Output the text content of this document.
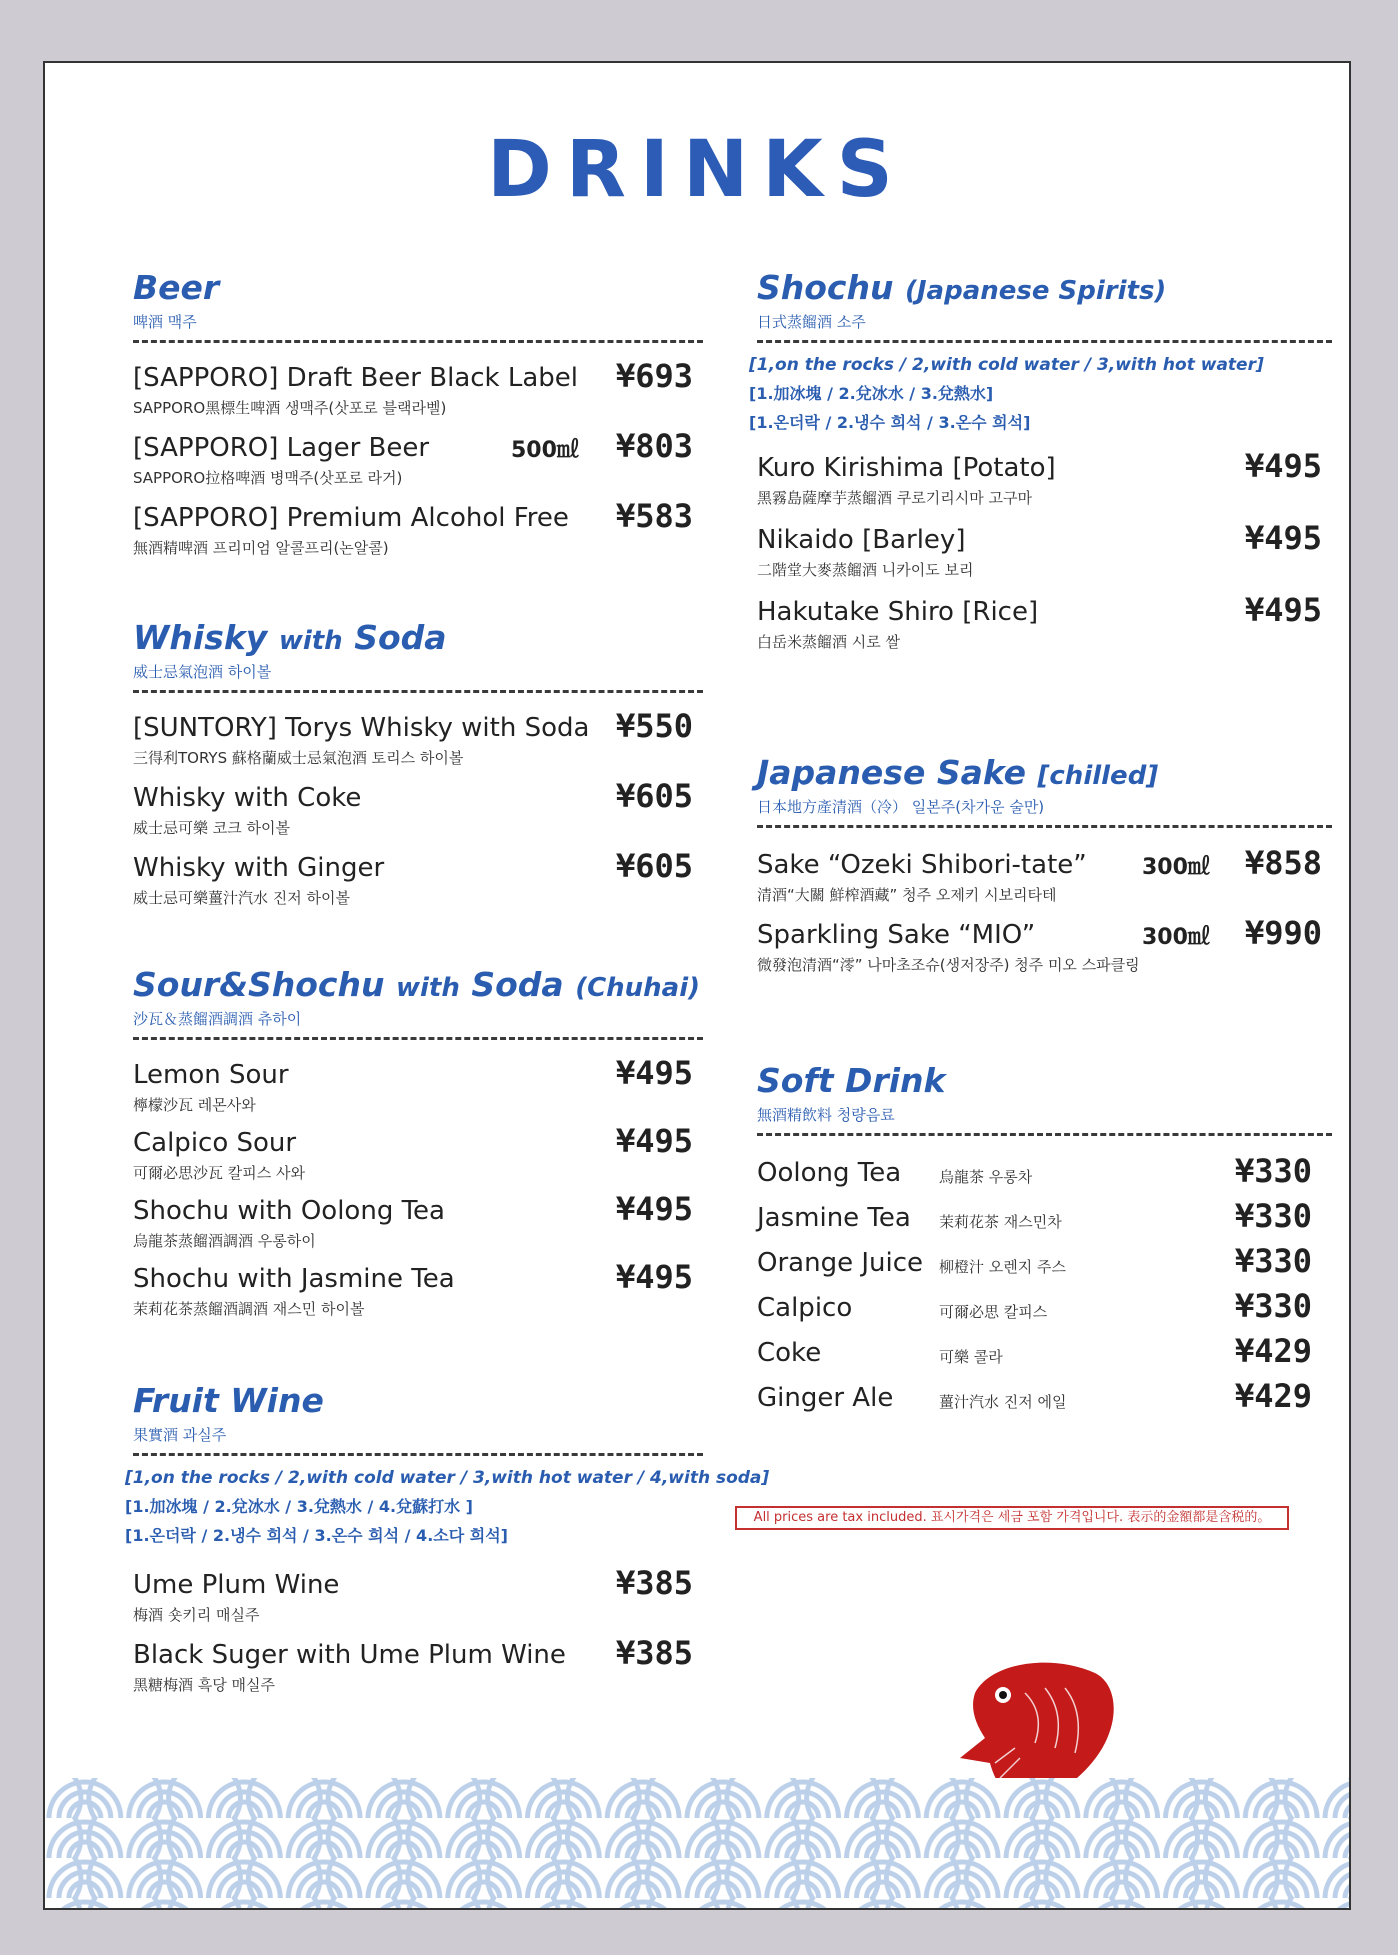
DRINKS
Beer
啤酒 맥주
[SAPPORO] Draft Beer Black Label
SAPPORO黑標生啤酒 생맥주(삿포로 블랙라벨)
¥693
[SAPPORO] Lager Beer
SAPPORO拉格啤酒 병맥주(삿포로 라거)
500㎖ ¥803
[SAPPORO] Premium Alcohol Free
無酒精啤酒 프리미엄 알콜프리(논알콜)
¥583
Whisky with Soda
威士忌氣泡酒 하이볼
[SUNTORY] Torys Whisky with Soda
三得利TORYS 蘇格蘭威士忌氣泡酒 토리스 하이볼
¥550
Whisky with Coke
威士忌可樂 코크 하이볼
¥605
Whisky with Ginger
威士忌可樂薑汁汽水 진저 하이볼
¥605
Sour&Shochu with Soda (Chuhai)
沙瓦＆蒸餾酒調酒 츄하이
Lemon Sour
檸檬沙瓦 레몬사와
¥495
Calpico Sour
可爾必思沙瓦 칼피스 사와
¥495
Shochu with Oolong Tea
烏龍茶蒸餾酒調酒 우롱하이
¥495
Shochu with Jasmine Tea
茉莉花茶蒸餾酒調酒 재스민 하이볼
¥495
Fruit Wine
果實酒 과실주
[1,on the rocks / 2,with cold water / 3,with hot water / 4,with soda]
[1.加冰塊 / 2.兌冰水 / 3.兌熱水 / 4.兌蘇打水 ]
[1.온더락 / 2.냉수 희석 / 3.온수 희석 / 4.소다 희석]
Ume Plum Wine
梅酒 숏키리 매실주
¥385
Black Suger with Ume Plum Wine
黑糖梅酒 흑당 매실주
¥385
Shochu (Japanese Spirits)
日式蒸餾酒 소주
[1,on the rocks / 2,with cold water / 3,with hot water]
[1.加冰塊 / 2.兌冰水 / 3.兌熱水]
[1.온더락 / 2.냉수 희석 / 3.온수 희석]
Kuro Kirishima [Potato]
黑霧島薩摩芋蒸餾酒 쿠로기리시마 고구마
¥495
Nikaido [Barley]
二階堂大麥蒸餾酒 니카이도 보리
¥495
Hakutake Shiro [Rice]
白岳米蒸餾酒 시로 쌀
¥495
Japanese Sake [chilled]
日本地方產清酒（冷） 일본주(차가운 술만)
Sake “Ozeki Shibori-tate”
清酒“大關 鮮榨酒藏” 청주 오제키 시보리타테
300㎖ ¥858
Sparkling Sake “MIO”
微發泡清酒“澪” 나마초조슈(생저장주) 청주 미오 스파클링
300㎖ ¥990
Soft Drink
無酒精飲料 청량음료
Oolong Tea	烏龍茶 우롱차	¥330
Jasmine Tea 茉莉花茶 재스민차	¥330
Orange Juice 柳橙汁 오렌지 주스	¥330
Calpico	可爾必思 칼피스	¥330
Coke	可樂 콜라	¥429
Ginger Ale	薑汁汽水 진저 에일	¥429
All prices are tax included. 표시가격은 세금 포함 가격입니다. 表示的金額都是含税的。
